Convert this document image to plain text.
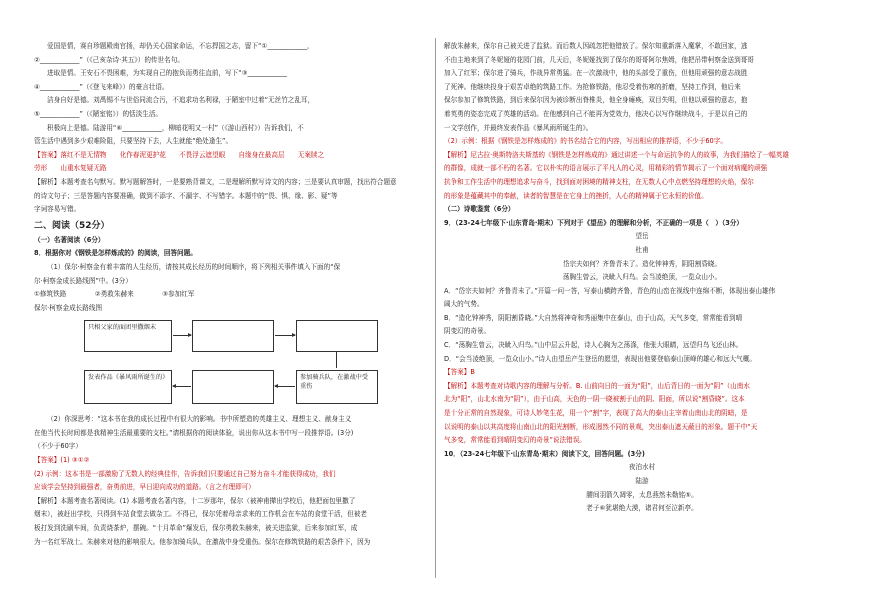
爱国是情，赛自珍题殿南官扬，却仍关心国家命运，不忘捍国之志，留下“①____________，

②____________”（《己亥杂诗·其五》）的传世名句。

进取是情。王安石不畏困难，为实现自己的抱负而勇往直前，写下“③____________

④____________”（《登飞来峰》）的豪言壮语。

洁身自好是德。刘禹锡不与世俗同流合污，不追求功名利禄，于陋室中过着“无丝竹之乱耳，

⑤____________”（《陋室铭》）的恬淡生活。

积极向上是德。陆游用“⑥____________，柳暗花明又一村”（《游山西村》）告诉我们，不

管生活中遇到多少艰难险阻，只要坚持下去，人生就能“绝处逢生”。

【答案】落红不是无情物　　化作春泥更护花　　不畏浮云遮望眼　　自缘身在最高层　　无案牍之

劳形　　山重水复疑无路

【解析】本题考查名句默写。默写题解答时，一是要熟背课文，二是理解所默写诗文的内容；三是要认真审题，找出符合题意

的诗文句子；三是答题内容要准确，做到不添字、不漏字、不写错字。本题中的“畏、惧、缘、影、疑”等

字词容易写错。

二、阅读（52分）

（一）名著阅读（6分）

8．根据你对《钢铁是怎样炼成的》的阅读，回答问题。

（1）保尔·柯察金有着丰富的人生经历，请按其成长经历的时间顺序，将下列相关事件填入下面的“保

尔·柯察金成长路线图”中。(3分）

①修筑铁路　　　　	②勇救朱赫来　　　　	③参加红军

保尔·柯察金成长路线图

只相父家的面团里撒烟末
发表作品《暴风雨所诞生的》	参加骑兵队，在激战中受重伤

（2）你深思考：“这本书在我的成长过程中有很大的影响。书中所塑造的英雄主义、理想主义、献身主义

在他当代长时间都是我精神生活最重要的支柱。”请根据你的阅读体验，说出你从这本书中写一段推荐语。(3分)

（不少于60字）

【答案】(1) ③①②

(2) 示例：这本书是一部激励了无数人的经典佳作，告诉我们只要通过自己努力奋斗才能获得成功，我们

应该学会坚持到最强者，奋勇前进，早日迎向成功的道路。（言之有理即可）

【解析】本题考查名著阅读。(1) 本题考查名著内容，十二岁那年，保尔（被神甫撵出学校后，他把面包里撒了

烟末），被赶出学校，只得到车站食堂去做杂工。不得已，保尔凭着母亲求来的工作机会在车站的食堂干活，但被老

板打发到洗刷车间，负责烧茶炉，摆碗。“十月革命”爆发后，保尔勇救朱赫来，被关进监狱，后来参加红军，成

为一名红军战士。朱赫来对他的影响很大。他参加骑兵队，在激战中身受重伤。保尔在修筑铁路的艰苦条件下，因为

解放朱赫来，保尔自己被关进了监狱。而后数人因疏忽把他错放了。保尔知重新落入魔掌，不敢回家，逃

不由主地来到了冬妮娅的花园门前，几天后，冬妮娅找到了保尔的哥哥阿尔焦姆，他把吊带柯察金送到哥哥

加入了红军；保尔进了骑兵，作战异常勇猛。在一次激战中，他的头部受了重伤，但他用顽强的意志战胜

了死神。他继续投身于艰苦卓绝的筑路工作。为抢修铁路，他忍受着伤寒的折磨，坚持工作到，他后来

保尔参加了修筑铁路，到后来保尔因为被诊断出脊椎炎，他全身瘫痪，双目失明，但他以顽强的意志，抱

着英勇的姿态完成了英雄的活动。在他感到自己不能再为党效力，他决心以写作继续战斗，于是以自己的

一文学创作，并最终发表作品《暴风雨所诞生的》。

（2）示例：根据《钢铁是怎样炼成的》的书名结合它的内容，写出相应的推荐语，不少于60字。

【解析】尼古拉·奥斯特洛夫斯基的《钢铁是怎样炼成的》通过讲述一个与命运抗争的人的故事，为我们描绘了一幅英雄

的群像，成就一部不朽的名著。它以朴实的语言展示了平凡人的心灵，用精彩的情节揭示了一个面对病魔的顽强

抗争和工作生活中的理想追求与奋斗，找到面对困境的精神支柱，在无数人心中点燃坚持理想的火焰，保尔

的形象是蕴藏其中的奉献，读者的智慧是在它身上的挫折，人心的精神属于它永恒的价值。

（二）诗歌鉴赏（6分）

9．（23-24七年级下·山东青岛·期末）下列对于《望岳》的理解和分析，不正确的一项是（　）（3分）

望岳

杜甫

岱宗夫如何？齐鲁青未了。造化钟神秀，阴阳割昏晓。

荡胸生曾云，决眦入归鸟。会当凌绝顶，一览众山小。

A．“岱宗夫如何？齐鲁青未了。”开篇一问一答，写泰山横跨齐鲁，青色的山峦在视线中连绵不断，体现出泰山雄伟

阔大的气势。

B．“造化钟神秀，阴阳割昏晓。”大自然将神奇和秀丽集中在泰山，由于山高，天气多变，常常能看到晴

阴变幻的奇景。

C．“荡胸生曾云，决眦入归鸟。”山中层云升起，诗人心胸为之荡涤，他张大眼睛，远望归鸟飞还山林。

D．“会当凌绝顶，一览众山小。”诗人由望岳产生登岳的愿望，表现出他要登临泰山顶峰的雄心和远大气概。

【答案】B

【解析】本题考查对诗歌内容的理解与分析。B. 山前向日的一面为“阳”，山后背日的一面为“阴”（山南水

北为“阳”，山北水南为“阴”），由于山高，天色的一阴一晓被割于山的阴、阳面，所以说“割昏晓”。这本

是十分正常的自然现象，可诗人妙笔生花，用一个“割”字，表现了高大的泰山主宰着山南山北的阴暗，是

以说明的泰山以其高度将山南山北的阳光割断，形成迥然不同的景观，突出泰山遮天蔽日的形象。题干中“天

气多变，常常能看到晴阴变幻的奇景”说法错误。

10．（23-24七年级下·山东青岛·期末）阅读下文，回答问题。(3分)

夜泊水村

陆游

腰间羽箭久凋零，太息燕然未勒铭⑤。

老子⑥犹堪绝大漠，诸君何至泣新亭。
